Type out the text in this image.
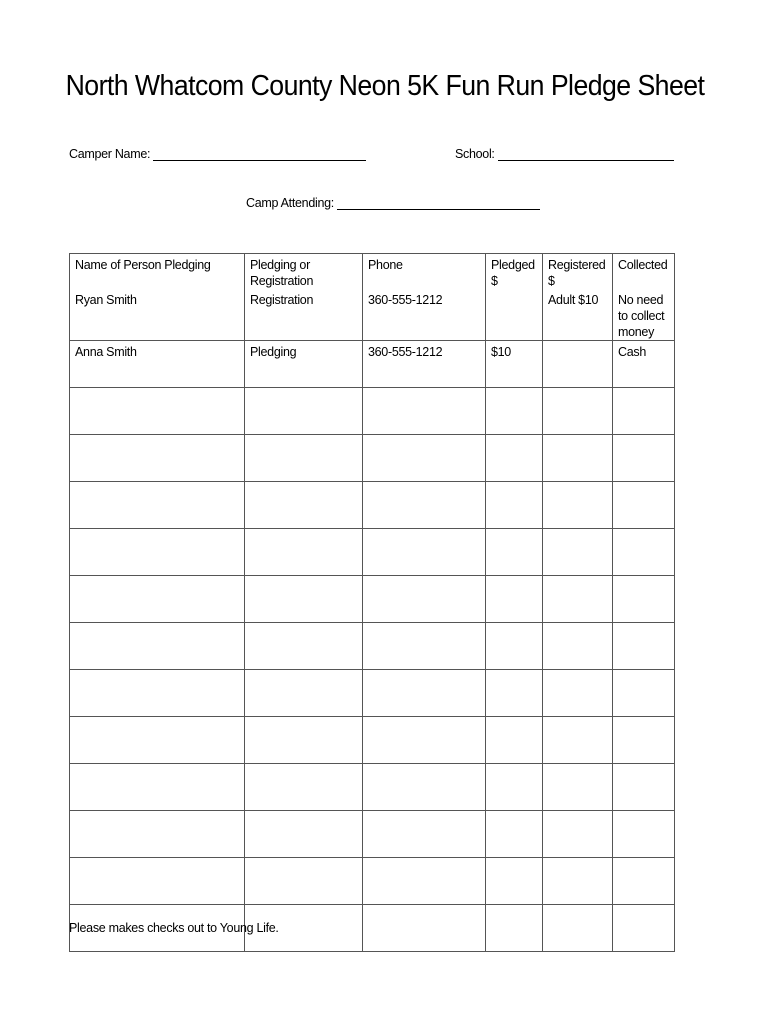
North Whatcom County Neon 5K Fun Run Pledge Sheet
Camper Name:	School:
Camp Attending:
Name of Person Pledging	Pledging or Registration	Phone	Pledged $	Registered $	Collected
Ryan Smith	Registration	360-555-1212		Adult $10	No need to collect money
Anna Smith	Pledging	360-555-1212	$10		Cash

Please makes checks out to Young Life.
